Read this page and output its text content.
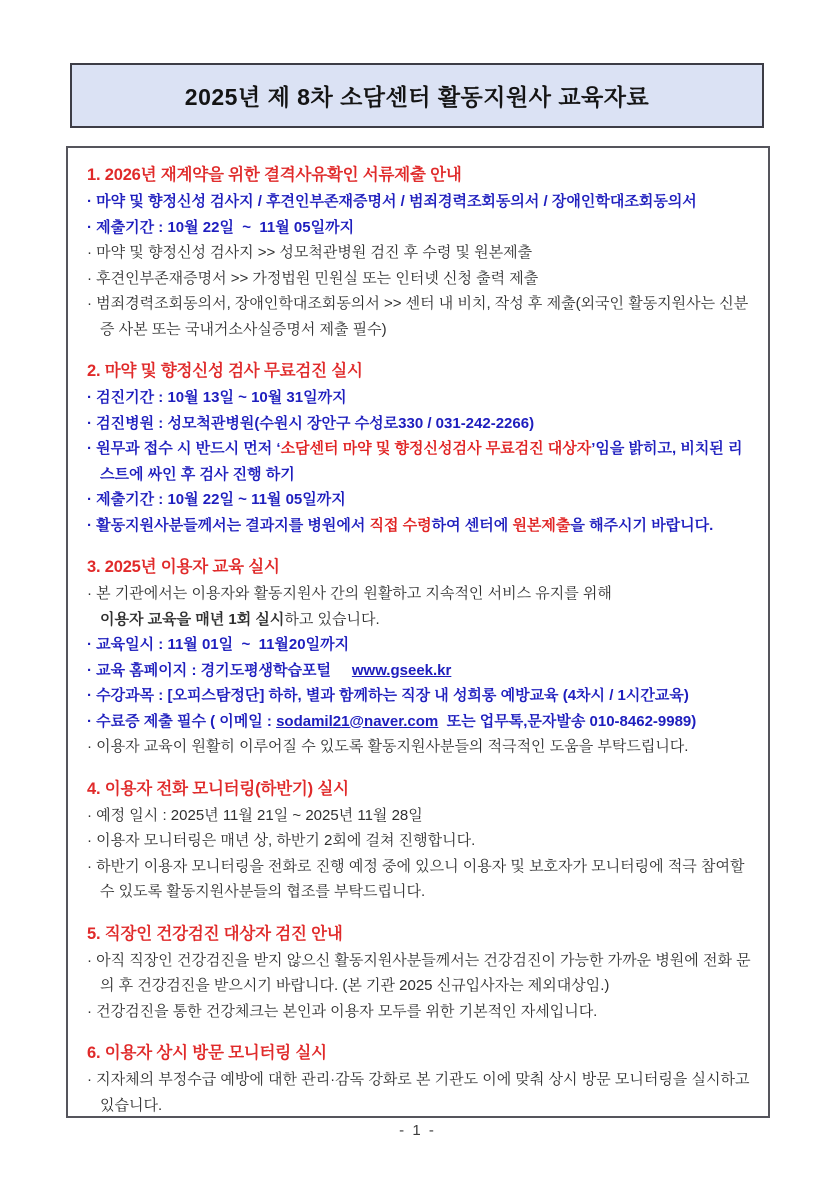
2025년 제 8차 소담센터 활동지원사 교육자료
1. 2026년 재계약을 위한 결격사유확인 서류제출 안내
· 마약 및 향정신성 검사지 / 후견인부존재증명서 / 범죄경력조회동의서 / 장애인학대조회동의서
· 제출기간 : 10월 22일  ~  11월 05일까지
· 마약 및 향정신성 검사지 >> 성모척관병원 검진 후 수령 및 원본제출
· 후견인부존재증명서 >> 가정법원 민원실 또는 인터넷 신청 출력 제출
· 범죄경력조회동의서, 장애인학대조회동의서 >> 센터 내 비치, 작성 후 제출(외국인 활동지원사는 신분증 사본 또는 국내거소사실증명서 제출 필수)
2. 마약 및 향정신성 검사 무료검진 실시
· 검진기간 : 10월 13일 ~ 10월 31일까지
· 검진병원 : 성모척관병원(수원시 장안구 수성로330 / 031-242-2266)
· 원무과 접수 시 반드시 먼저 ‘소담센터 마약 및 향정신성검사 무료검진 대상자’임을 밝히고, 비치된 리스트에 싸인 후 검사 진행 하기
· 제출기간 : 10월 22일 ~ 11월 05일까지
· 활동지원사분들께서는 결과지를 병원에서 직접 수령하여 센터에 원본제출을 해주시기 바랍니다.
3. 2025년 이용자 교육 실시
· 본 기관에서는 이용자와 활동지원사 간의 원활하고 지속적인 서비스 유지를 위해
이용자 교육을 매년 1회 실시하고 있습니다.
· 교육일시 : 11월 01일  ~  11월20일까지
· 교육 홈페이지 : 경기도평생학습포털     www.gseek.kr
· 수강과목 : [오피스탐정단] 하하, 별과 함께하는 직장 내 성희롱 예방교육 (4차시 / 1시간교육)
· 수료증 제출 필수 ( 이메일 : sodamil21@naver.com  또는 업무톡,문자발송 010-8462-9989)
· 이용자 교육이 원활히 이루어질 수 있도록 활동지원사분들의 적극적인 도움을 부탁드립니다.
4. 이용자 전화 모니터링(하반기) 실시
· 예정 일시 : 2025년 11월 21일 ~ 2025년 11월 28일
· 이용자 모니터링은 매년 상, 하반기 2회에 걸쳐 진행합니다.
· 하반기 이용자 모니터링을 전화로 진행 예정 중에 있으니 이용자 및 보호자가 모니터링에 적극 참여할 수 있도록 활동지원사분들의 협조를 부탁드립니다.
5. 직장인 건강검진 대상자 검진 안내
· 아직 직장인 건강검진을 받지 않으신 활동지원사분들께서는 건강검진이 가능한 가까운 병원에 전화 문의 후 건강검진을 받으시기 바랍니다. (본 기관 2025 신규입사자는 제외대상임.)
· 건강검진을 통한 건강체크는 본인과 이용자 모두를 위한 기본적인 자세입니다.
6. 이용자 상시 방문 모니터링 실시
· 지자체의 부정수급 예방에 대한 관리·감독 강화로 본 기관도 이에 맞춰 상시 방문 모니터링을 실시하고 있습니다.
- 1 -
